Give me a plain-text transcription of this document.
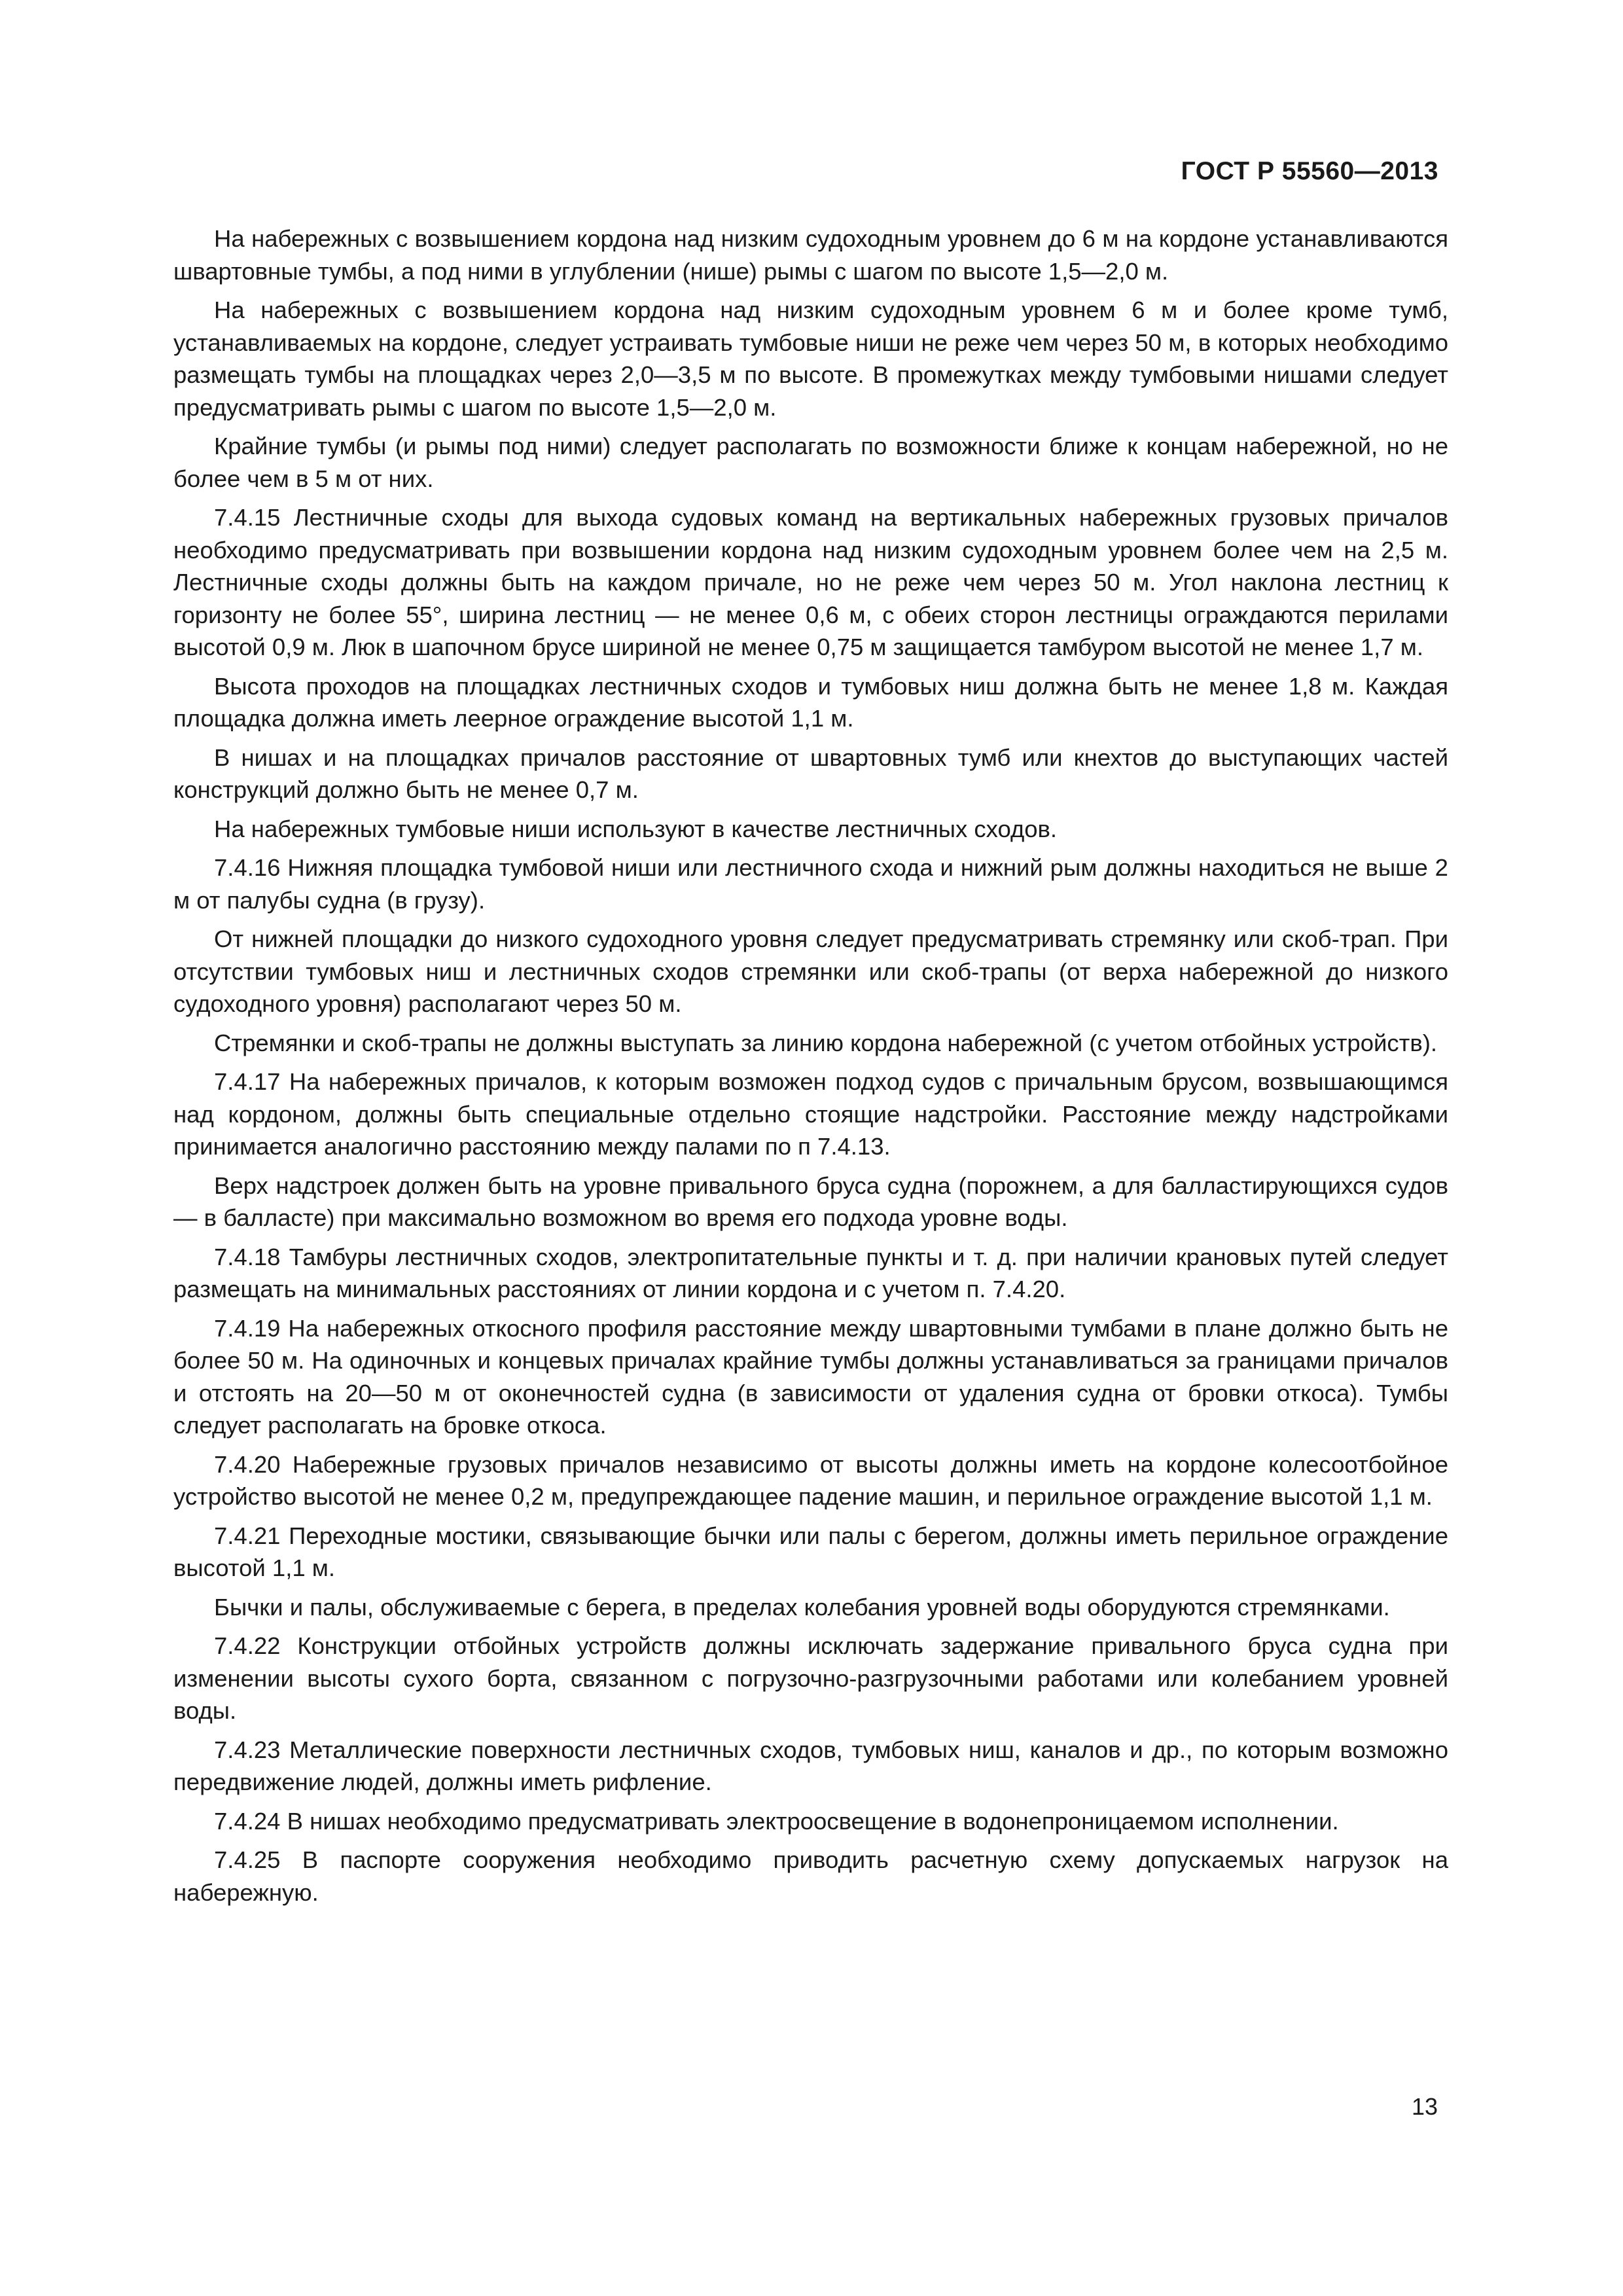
ГОСТ Р 55560—2013

На набережных с возвышением кордона над низким судоходным уровнем до 6 м на кордоне устанавливаются швартовные тумбы, а под ними в углублении (нише) рымы с шагом по высоте 1,5—2,0 м.

На набережных с возвышением кордона над низким судоходным уровнем 6 м и более кроме тумб, устанавливаемых на кордоне, следует устраивать тумбовые ниши не реже чем через 50 м, в которых необходимо размещать тумбы на площадках через 2,0—3,5 м по высоте. В промежутках между тумбовыми нишами следует предусматривать рымы с шагом по высоте 1,5—2,0 м.

Крайние тумбы (и рымы под ними) следует располагать по возможности ближе к концам набережной, но не более чем в 5 м от них.

7.4.15 Лестничные сходы для выхода судовых команд на вертикальных набережных грузовых причалов необходимо предусматривать при возвышении кордона над низким судоходным уровнем более чем на 2,5 м. Лестничные сходы должны быть на каждом причале, но не реже чем через 50 м. Угол наклона лестниц к горизонту не более 55°, ширина лестниц — не менее 0,6 м, с обеих сторон лестницы ограждаются перилами высотой 0,9 м. Люк в шапочном брусе шириной не менее 0,75 м защищается тамбуром высотой не менее 1,7 м.

Высота проходов на площадках лестничных сходов и тумбовых ниш должна быть не менее 1,8 м. Каждая площадка должна иметь леерное ограждение высотой 1,1 м.

В нишах и на площадках причалов расстояние от швартовных тумб или кнехтов до выступающих частей конструкций должно быть не менее 0,7 м.

На набережных тумбовые ниши используют в качестве лестничных сходов.

7.4.16 Нижняя площадка тумбовой ниши или лестничного схода и нижний рым должны находиться не выше 2 м от палубы судна (в грузу).

От нижней площадки до низкого судоходного уровня следует предусматривать стремянку или скоб-трап. При отсутствии тумбовых ниш и лестничных сходов стремянки или скоб-трапы (от верха набережной до низкого судоходного уровня) располагают через 50 м.

Стремянки и скоб-трапы не должны выступать за линию кордона набережной (с учетом отбойных устройств).

7.4.17 На набережных причалов, к которым возможен подход судов с причальным брусом, возвышающимся над кордоном, должны быть специальные отдельно стоящие надстройки. Расстояние между надстройками принимается аналогично расстоянию между палами по п 7.4.13.

Верх надстроек должен быть на уровне привального бруса судна (порожнем, а для балластирующихся судов — в балласте) при максимально возможном во время его подхода уровне воды.

7.4.18 Тамбуры лестничных сходов, электропитательные пункты и т. д. при наличии крановых путей следует размещать на минимальных расстояниях от линии кордона и с учетом п. 7.4.20.

7.4.19 На набережных откосного профиля расстояние между швартовными тумбами в плане должно быть не более 50 м. На одиночных и концевых причалах крайние тумбы должны устанавливаться за границами причалов и отстоять на 20—50 м от оконечностей судна (в зависимости от удаления судна от бровки откоса). Тумбы следует располагать на бровке откоса.

7.4.20 Набережные грузовых причалов независимо от высоты должны иметь на кордоне колесоотбойное устройство высотой не менее 0,2 м, предупреждающее падение машин, и перильное ограждение высотой 1,1 м.

7.4.21 Переходные мостики, связывающие бычки или палы с берегом, должны иметь перильное ограждение высотой 1,1 м.

Бычки и палы, обслуживаемые с берега, в пределах колебания уровней воды оборудуются стремянками.

7.4.22 Конструкции отбойных устройств должны исключать задержание привального бруса судна при изменении высоты сухого борта, связанном с погрузочно-разгрузочными работами или колебанием уровней воды.

7.4.23 Металлические поверхности лестничных сходов, тумбовых ниш, каналов и др., по которым возможно передвижение людей, должны иметь рифление.

7.4.24 В нишах необходимо предусматривать электроосвещение в водонепроницаемом исполнении.

7.4.25 В паспорте сооружения необходимо приводить расчетную схему допускаемых нагрузок на набережную.

13
